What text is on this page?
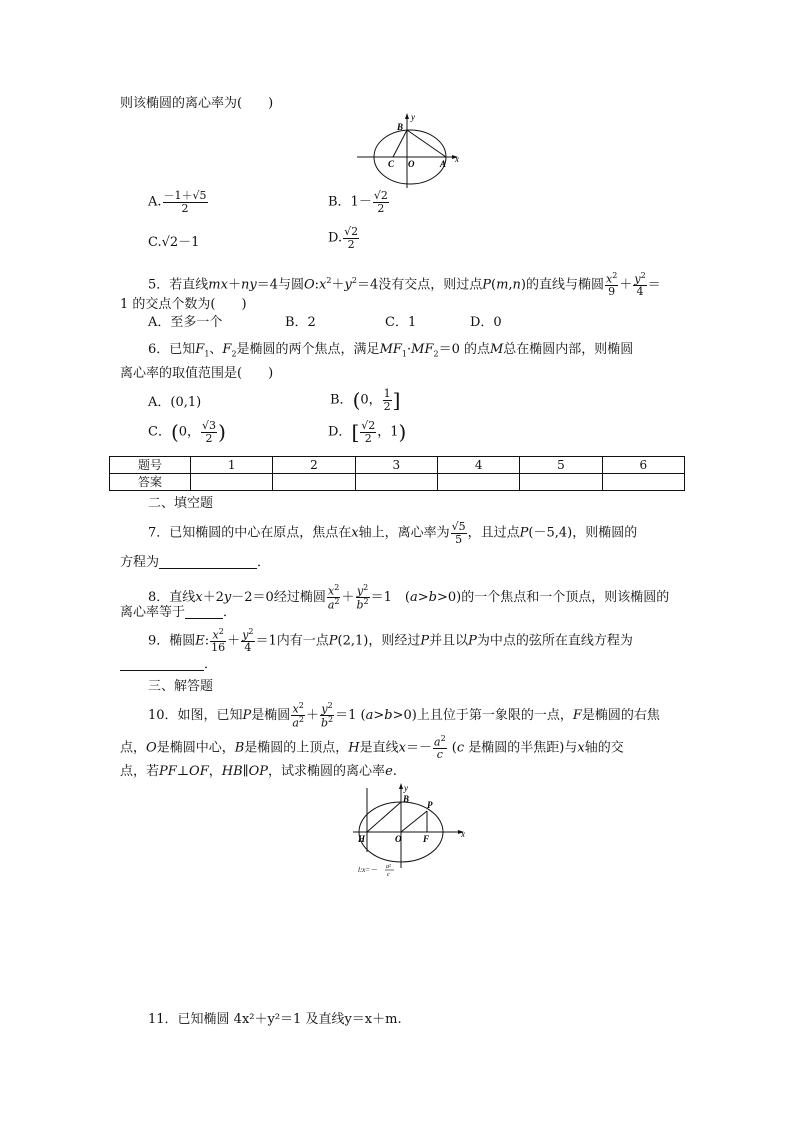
则该椭圆的离心率为(　　)
y
x
B
C O	A
A. $\frac{-1+√5}{2}$	B．$1- \frac{√2}{2}$
C.√2－1	D. $\frac{√2}{2}$
5．若直线mx＋ny＝4与圆$O:x^2+y^2=4$没有交点，则过点P(m,n)的直线与椭圆 $\frac{x^2}{9} + \frac{y^2}{4}$ ＝
1 的交点个数为(　　)
A．至多一个	B．2	C．1	D．0
6．已知$F_1$、$F_2$是椭圆的两个焦点，满足$MF_1\cdot MF_2=0$ 的点M总在椭圆内部，则椭圆
离心率的取值范围是(　　)
A．(0,1)	B．(0， $\frac{1}{2}$ ]
C．(0， $\frac{√3}{2}$ )	D．[ $\frac{√2}{2}$ ，1)
题号	1	2	3	4	5	6
答案						
二、填空题
7．已知椭圆的中心在原点，焦点在x轴上，离心率为 $\frac{√5}{5}$ ，且过点P(－5,4)，则椭圆的
方程为	．
8．直线x＋2y－2＝0经过椭圆 $\frac{x^2}{a^2} + \frac{y^2}{b^2} =1$　(a>b>0)的一个焦点和一个顶点，则该椭圆的
离心率等于	．
9．椭圆E: $\frac{x^2}{16} + \frac{y^2}{4} =1$内有一点P(2,1)，则经过P并且以P为中点的弦所在直线方程为
．
三、解答题
10．如图，已知P是椭圆 $\frac{x^2}{a^2} + \frac{y^2}{b^2} =1$ (a>b>0)上且位于第一象限的一点，F是椭圆的右焦
点，O是椭圆中心，B是椭圆的上顶点，H是直线$x=- \frac{a^2}{c} (c$ 是椭圆的半焦距)与x轴的交
点，若PF⊥OF，HB∥OP，试求椭圆的离心率e.
y
x
B
P
O F
H
l:x=－ a²
c
11．已知椭圆 4x²＋y²＝1 及直线y＝x＋m.
